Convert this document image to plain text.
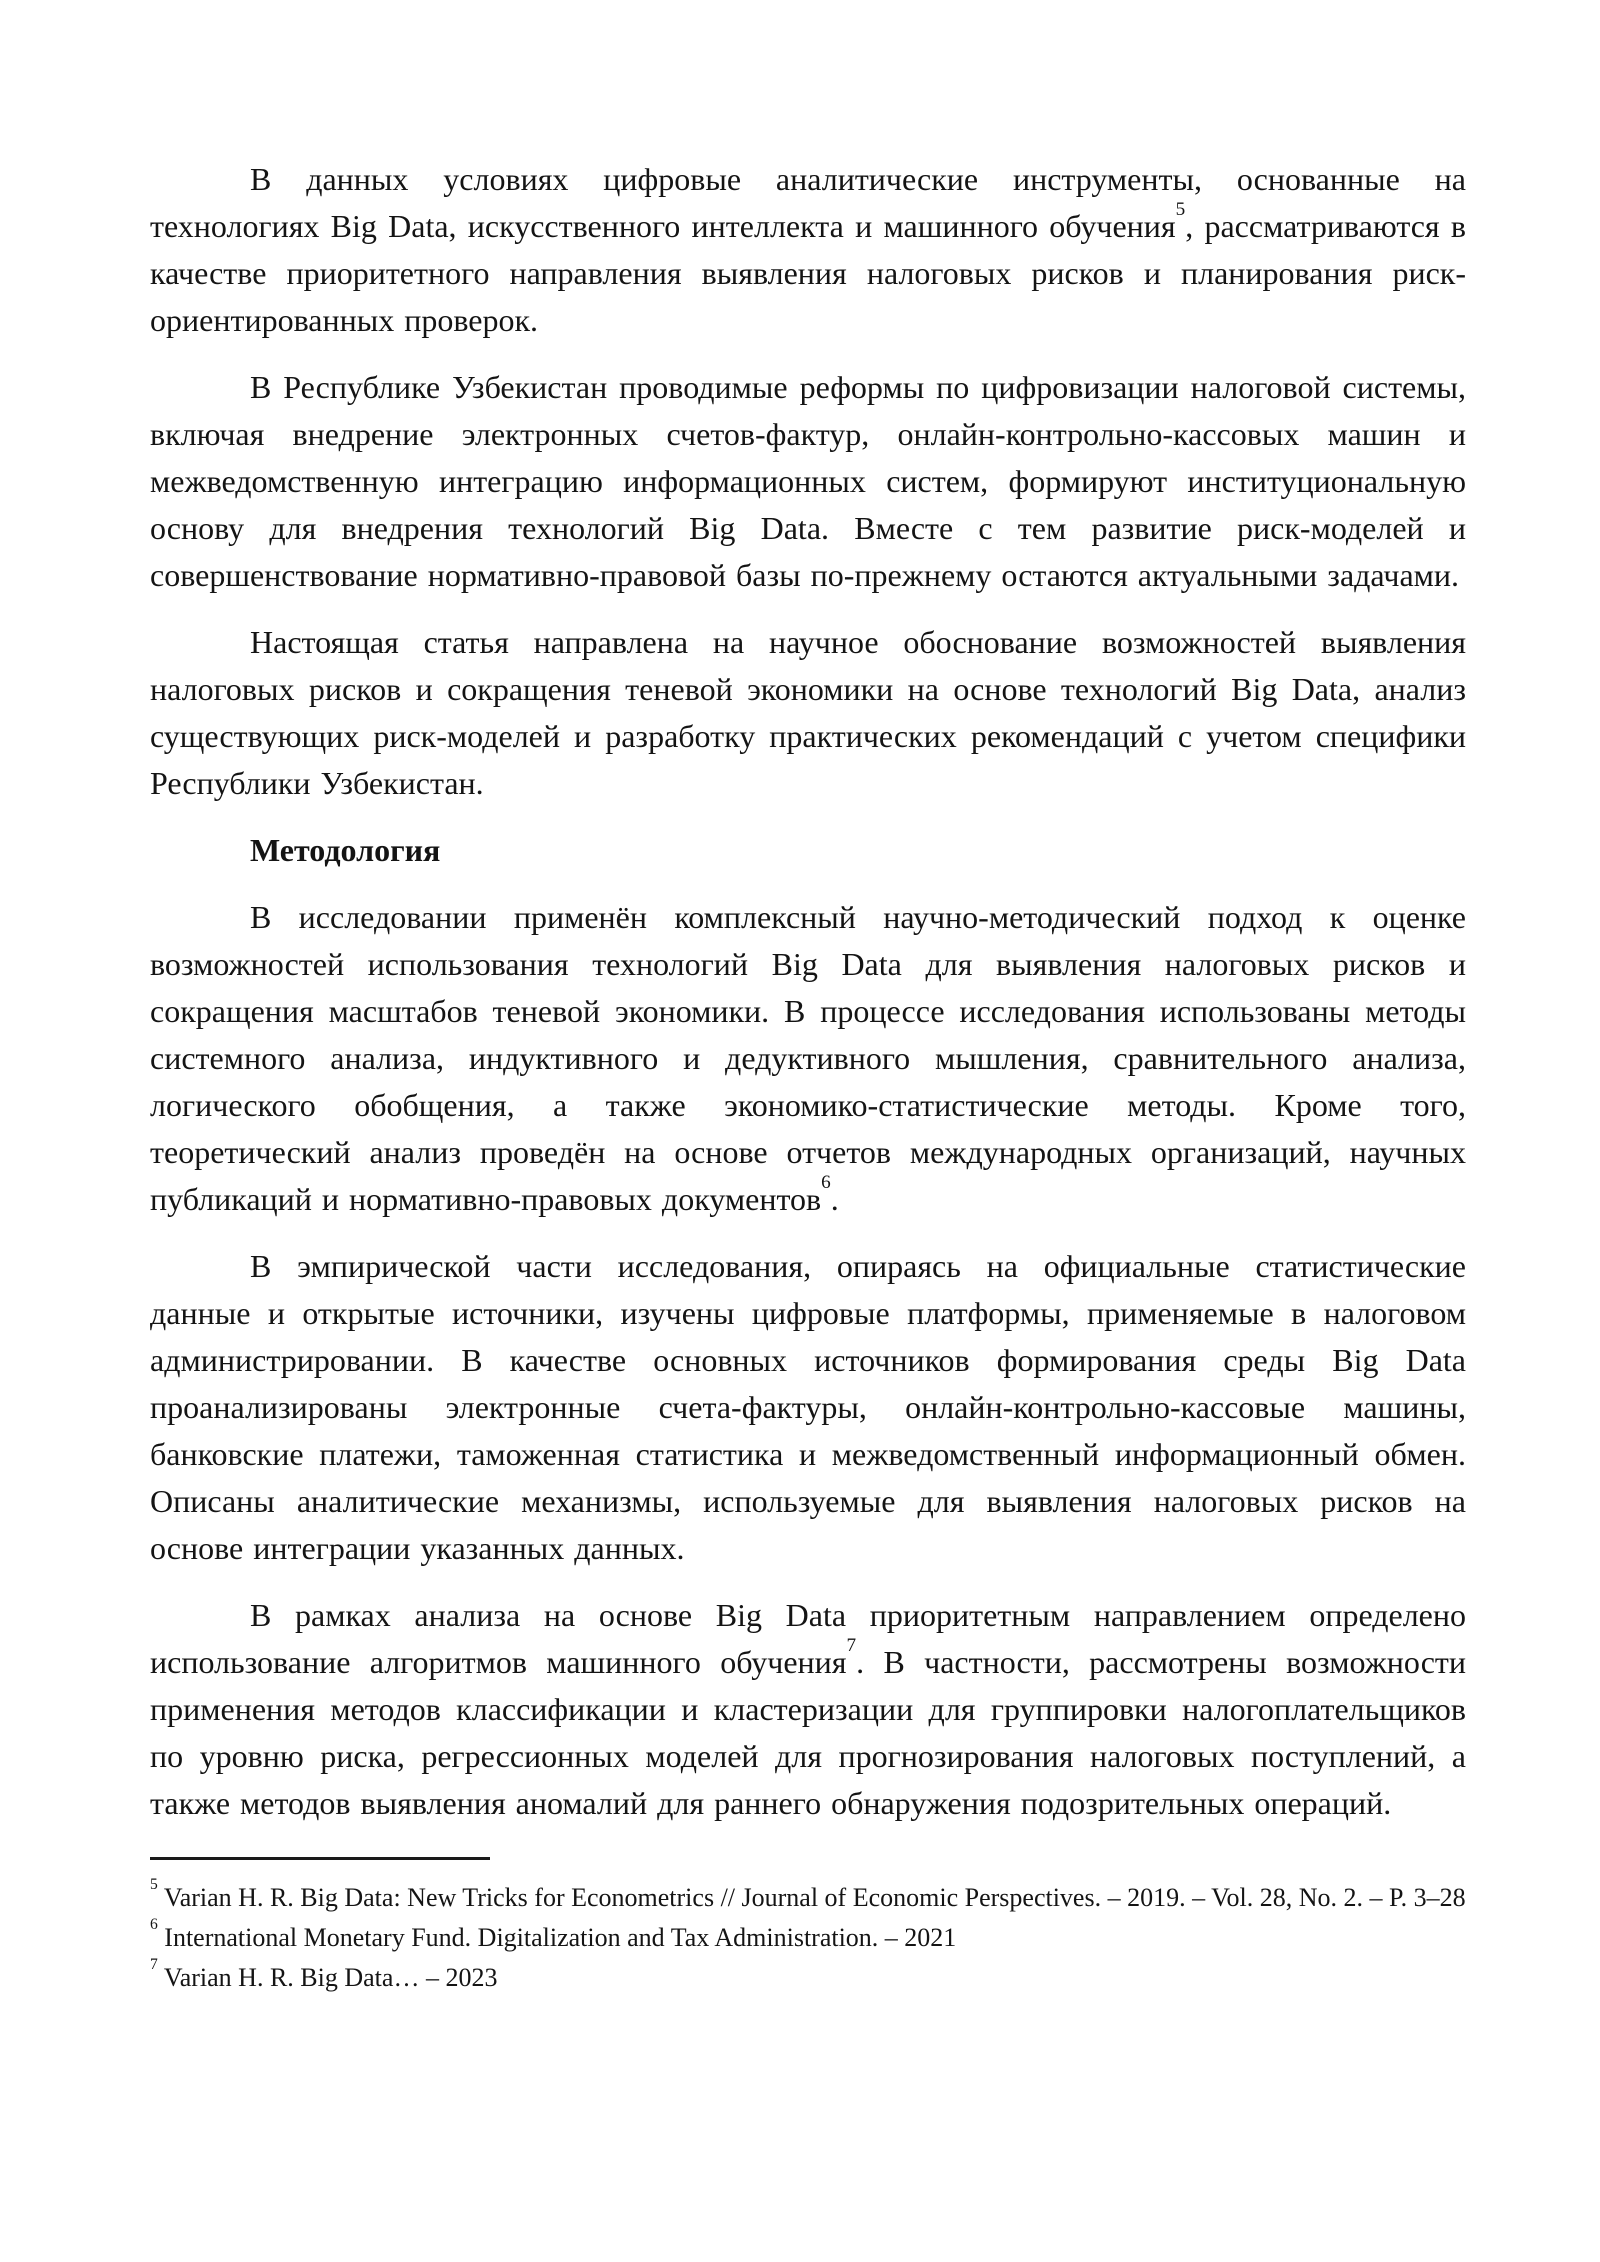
В данных условиях цифровые аналитические инструменты, основанные на технологиях Big Data, искусственного интеллекта и машинного обучения$^5$, рассматриваются в качестве приоритетного направления выявления налоговых рисков и планирования риск-ориентированных проверок.

В Республике Узбекистан проводимые реформы по цифровизации налоговой системы, включая внедрение электронных счетов-фактур, онлайн-контрольно-кассовых машин и межведомственную интеграцию информационных систем, формируют институциональную основу для внедрения технологий Big Data. Вместе с тем развитие риск-моделей и совершенствование нормативно-правовой базы по-прежнему остаются актуальными задачами.

Настоящая статья направлена на научное обоснование возможностей выявления налоговых рисков и сокращения теневой экономики на основе технологий Big Data, анализ существующих риск-моделей и разработку практических рекомендаций с учетом специфики Республики Узбекистан.

Методология

В исследовании применён комплексный научно-методический подход к оценке возможностей использования технологий Big Data для выявления налоговых рисков и сокращения масштабов теневой экономики. В процессе исследования использованы методы системного анализа, индуктивного и дедуктивного мышления, сравнительного анализа, логического обобщения, а также экономико-статистические методы. Кроме того, теоретический анализ проведён на основе отчетов международных организаций, научных публикаций и нормативно-правовых документов$^6$.

В эмпирической части исследования, опираясь на официальные статистические данные и открытые источники, изучены цифровые платформы, применяемые в налоговом администрировании. В качестве основных источников формирования среды Big Data проанализированы электронные счета-фактуры, онлайн-контрольно-кассовые машины, банковские платежи, таможенная статистика и межведомственный информационный обмен. Описаны аналитические механизмы, используемые для выявления налоговых рисков на основе интеграции указанных данных.

В рамках анализа на основе Big Data приоритетным направлением определено использование алгоритмов машинного обучения$^7$. В частности, рассмотрены возможности применения методов классификации и кластеризации для группировки налогоплательщиков по уровню риска, регрессионных моделей для прогнозирования налоговых поступлений, а также методов выявления аномалий для раннего обнаружения подозрительных операций.

$^5$ Varian H. R. Big Data: New Tricks for Econometrics // Journal of Economic Perspectives. – 2019. – Vol. 28, No. 2. – P. 3–28

$^6$ International Monetary Fund. Digitalization and Tax Administration. – 2021

$^7$ Varian H. R. Big Data… – 2023
